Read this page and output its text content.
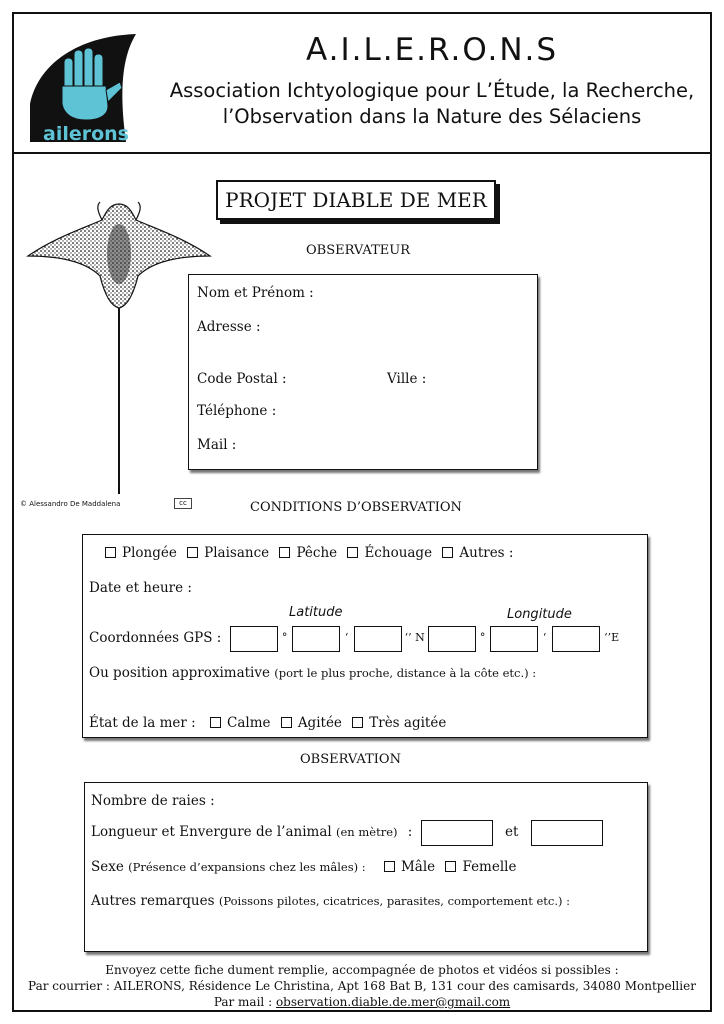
ailerons
A.I.L.E.R.O.N.S
Association Ichtyologique pour L’Étude, la Recherche,
l’Observation dans la Nature des Sélaciens
PROJET DIABLE DE MER
© Alessandro De Maddalena	cc
OBSERVATEUR
Nom et Prénom :
Adresse :
Code Postal :	Ville :
Téléphone :
Mail :
CONDITIONS D’OBSERVATION
Plongée Plaisance Pêche Échouage Autres :
Date et heure :
Latitude	Longitude
Coordonnées GPS :	°	‘	‘’ N	°	‘	‘’E
Ou position approximative (port le plus proche, distance à la côte etc.) :
État de la mer : Calme Agitée Très agitée
OBSERVATION
Nombre de raies :
Longueur et Envergure de l’animal (en mètre) :	et
Sexe (Présence d’expansions chez les mâles) :	Mâle Femelle
Autres remarques (Poissons pilotes, cicatrices, parasites, comportement etc.) :
Envoyez cette fiche dument remplie, accompagnée de photos et vidéos si possibles :
Par courrier : AILERONS, Résidence Le Christina, Apt 168 Bat B, 131 cour des camisards, 34080 Montpellier
Par mail : observation.diable.de.mer@gmail.com
